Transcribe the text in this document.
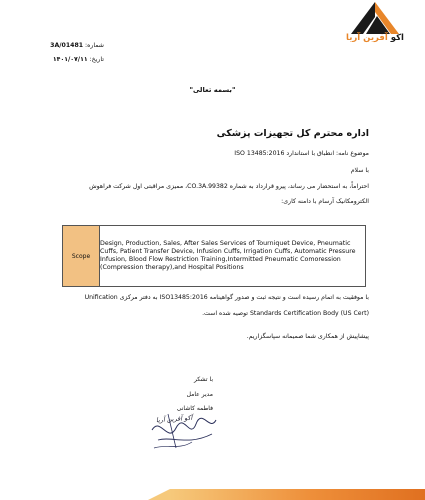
اکو آفرین آریا
شماره: 3A/01481
تاریخ: ۱۴۰۱/۰۷/۱۱
"بسمه تعالی"
اداره محترم کل تجهیزات پزشکی
موضوع نامه: انطباق با استاندارد ISO 13485:2016
با سلام
احتراماً، به استحضار می رساند، پیرو قرارداد به شماره CO.3A.99382، ممیزی مراقبتی اول شرکت فراهوش
الکترومکانیک آرسام با دامنه کاری:
Scope	Design, Production, Sales, After Sales Services of Tourniquet Device, Pneumatic Cuffs, Patient Transfer Device, Infusion Cuffs, Irrigation Cuffs, Automatic Pressure Infusion, Blood Flow Restriction Training,Intermitted Pneumatic Comoression (Compression therapy),and Hospital Positions
با موفقیت به اتمام رسیده است و نتیجه ثبت و صدور گواهینامه ISO13485:2016 به دفتر مرکزی Unification
Standards Certification Body (US Cert) توصیه شده است.
پیشاپیش از همکاری شما صمیمانه سپاسگزاریم.
با تشکر
مدیر عامل
فاطمه کاشانی
آکو آفرین آریا
